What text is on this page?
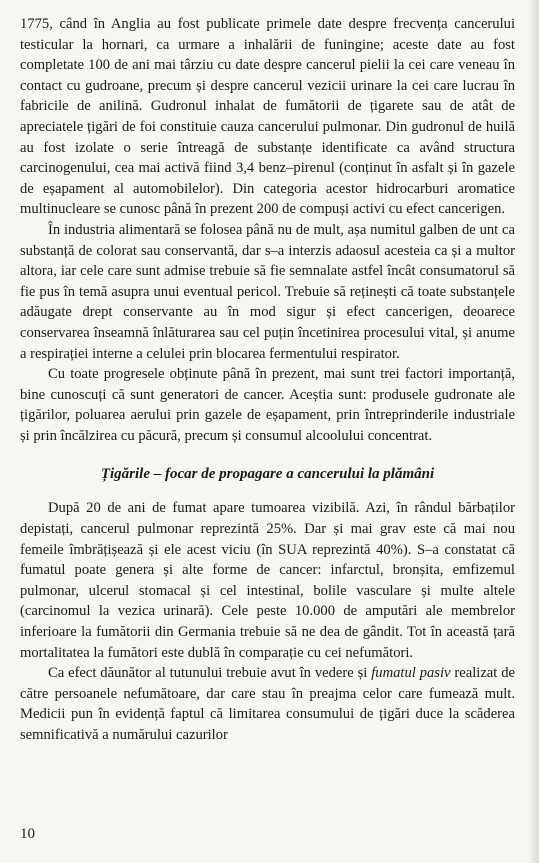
1775, când în Anglia au fost publicate primele date despre frecvența cancerului testicular la hornari, ca urmare a inhalării de funingine; aceste date au fost completate 100 de ani mai târziu cu date despre cancerul pielii la cei care veneau în contact cu gudroane, precum și despre cancerul vezicii urinare la cei care lucrau în fabricile de anilină. Gudronul inhalat de fumătorii de țigarete sau de atât de apreciatele țigări de foi constituie cauza cancerului pulmonar. Din gudronul de huilă au fost izolate o serie întreagă de substanțe identificate ca având structura carcinogenului, cea mai activă fiind 3,4 benz–pirenul (conținut în asfalt și în gazele de eșapament al automobilelor). Din categoria acestor hidrocarburi aromatice multinucleare se cunosc până în prezent 200 de compuși activi cu efect cancerigen.

În industria alimentară se folosea până nu de mult, așa numitul galben de unt ca substanță de colorat sau conservantă, dar s–a interzis adaosul acesteia ca și a multor altora, iar cele care sunt admise trebuie să fie semnalate astfel încât consumatorul să fie pus în temă asupra unui eventual pericol. Trebuie să reținești că toate substanțele adăugate drept conservante au în mod sigur și efect cancerigen, deoarece conservarea înseamnă înlăturarea sau cel puțin încetinirea procesului vital, și anume a respirației interne a celulei prin blocarea fermentului respirator.

Cu toate progresele obținute până în prezent, mai sunt trei factori importanță, bine cunoscuți că sunt generatori de cancer. Aceștia sunt: produsele gudronate ale țigărilor, poluarea aerului prin gazele de eșapament, prin întreprinderile industriale și prin încălzirea cu păcură, precum și consumul alcoolului concentrat.

Țigările – focar de propagare a cancerului la plămâni

După 20 de ani de fumat apare tumoarea vizibilă. Azi, în rândul bărbaților depistați, cancerul pulmonar reprezintă 25%. Dar și mai grav este că mai nou femeile îmbrățișează și ele acest viciu (în SUA reprezintă 40%). S–a constatat că fumatul poate genera și alte forme de cancer: infarctul, bronșita, emfizemul pulmonar, ulcerul stomacal și cel intestinal, bolile vasculare și multe altele (carcinomul la vezica urinară). Cele peste 10.000 de amputări ale membrelor inferioare la fumătorii din Germania trebuie să ne dea de gândit. Tot în această țară mortalitatea la fumători este dublă în comparație cu cei nefumători.

Ca efect dăunător al tutunului trebuie avut în vedere și fumatul pasiv realizat de către persoanele nefumătoare, dar care stau în preajma celor care fumează mult. Medicii pun în evidență faptul că limitarea consumului de țigări duce la scăderea semnificativă a numărului cazurilor

10
